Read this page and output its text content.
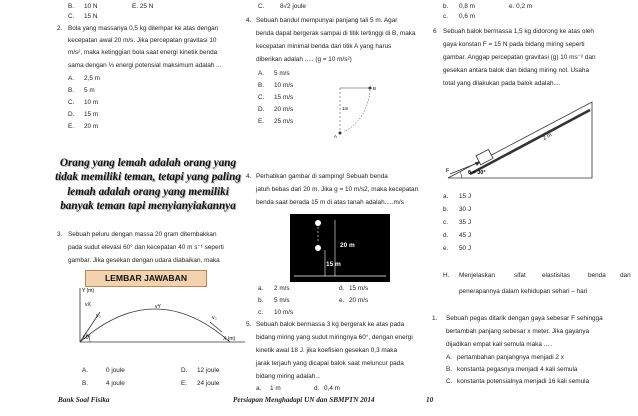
B. 10 N	E. 25 N
C. 15 N
2. Bola yang massanya 0,5 kg dilempar ke atas dengan
kecepatan awal 20 m/s. Jika percepatan gravitasi 10
m/s², maka ketinggian bola saat energi kinetik benda
sama dengan ⅓ energi potensial maksimum adalah ...
A. 2,5 m
B. 5 m
C. 10 m
D. 15 m
E. 20 m
Orang yang lemah adalah orang yang tidak memiliki teman, tetapi yang paling lemah adalah orang yang memiliki banyak teman tapi menyianyiakannya
3. Sebuah peluru dengan massa 20 gram ditembakkan
pada sudut elevasi 60° dan kecepatan 40 m s⁻¹ seperti
gambar. Jika gesekan dengan udara diabaikan, maka
LEMBAR JAWABAN
Y (m)
vX	vY
v₀	v₀
60°	X (m)
A.	0 joule	D. 12 joule
B.	4 joule	E. 24 joule
C. 8√2 joule
4. Sebuah bandul mempunyai panjang tali 5 m. Agar
benda dapat bergerak sampai di titik tertinggi di B, maka
kecepatan minimal benda dari titik A yang harus
diberikan adalah ..... (g = 10 m/s²)
A. 5 m/s
B. 10 m/s
C. 15 m/s
D. 20 m/s
E. 25 m/s
B
1m
A
4. Perhatikan gambar di samping! Sebuah benda
jatuh bebas dari 20 m. Jika g = 10 m/s2, maka kecepatan
benda saat berada 15 m di atas tanah adalah.....m/s
20 m
15 m
a. 2 m/s	d. 15 m/s
b. 5 m/s	e. 20 m/s
c. 10 m/s
5. Sebuah balok bermassa 3 kg bergerak ke atas pada
bidang miring yang sudut miringnya 60°, dengan energi
kinetik awal 18 J. jika koefisien gesekan 0,3 maka
jarak terjauh yang dicapai balok saat meluncur pada
bidang miring adalah...
a. 1 m	d. 0,4 m
b. 0,8 m	e. 0,2 m
c. 0,6 m
6 Sebuah balok bermassa 1,5 kg didorong ke atas oleh
gaya konstan F = 15 N pada bidang miring seperti
gambar. Anggap percepatan gravitasi (g) 10 ms⁻² dan
gesekan antara balok dan bidang miring nol. Usaha
total yang dilakukan pada balok adalah....
F	θ = 30°
2 m
a. 15 J
b. 30 J
c. 35 J
d. 45 J
e. 50 J
H. Menjelaskan	sifat	elastisitas	benda dan
penerapannya dalam kehidupan sehari – hari
1. Sebuah pegas ditarik dengan gaya sebesar F sehingga
bertambah panjang sebesar x meter. Jika gayanya
dijadikan empat kali semula maka ... .
A. pertambahan panjangnya menjadi 2 x
B. konstanta pegasnya menjadi 4 kali semula
C. konstanta potensialnya menjadi 16 kali semula
Bank Soal Fisika	Persiapan Menghadapi UN dan SBMPTN 2014	10
